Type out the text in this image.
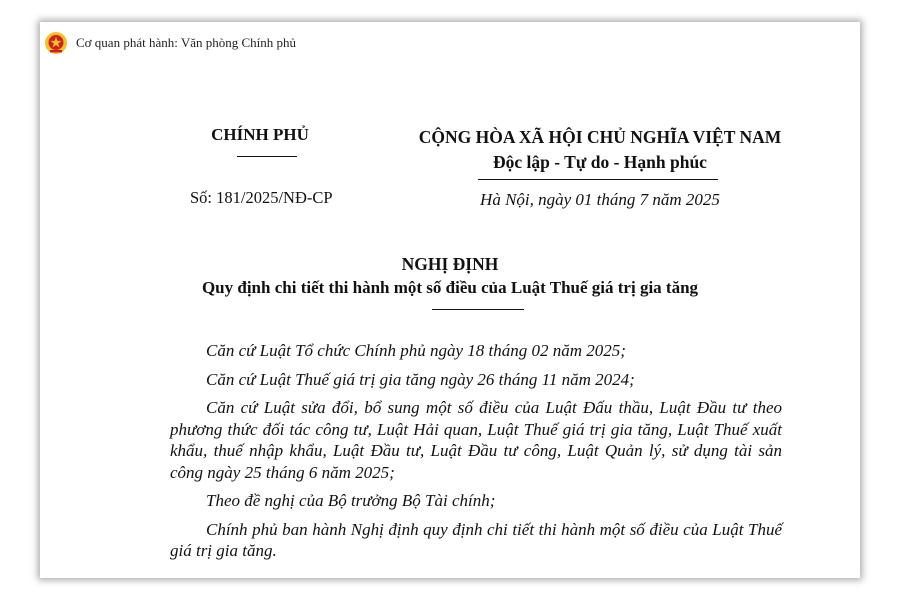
Cơ quan phát hành: Văn phòng Chính phủ
CHÍNH PHỦ
Số: 181/2025/NĐ-CP
CỘNG HÒA XÃ HỘI CHỦ NGHĨA VIỆT NAM
Độc lập - Tự do - Hạnh phúc
Hà Nội, ngày 01 tháng 7 năm 2025
NGHỊ ĐỊNH
Quy định chi tiết thi hành một số điều của Luật Thuế giá trị gia tăng

Căn cứ Luật Tổ chức Chính phủ ngày 18 tháng 02 năm 2025;

Căn cứ Luật Thuế giá trị gia tăng ngày 26 tháng 11 năm 2024;

Căn cứ Luật sửa đổi, bổ sung một số điều của Luật Đấu thầu, Luật Đầu tư theo phương thức đối tác công tư, Luật Hải quan, Luật Thuế giá trị gia tăng, Luật Thuế xuất khẩu, thuế nhập khẩu, Luật Đầu tư, Luật Đầu tư công, Luật Quản lý, sử dụng tài sản công ngày 25 tháng 6 năm 2025;

Theo đề nghị của Bộ trưởng Bộ Tài chính;

Chính phủ ban hành Nghị định quy định chi tiết thi hành một số điều của Luật Thuế giá trị gia tăng.
